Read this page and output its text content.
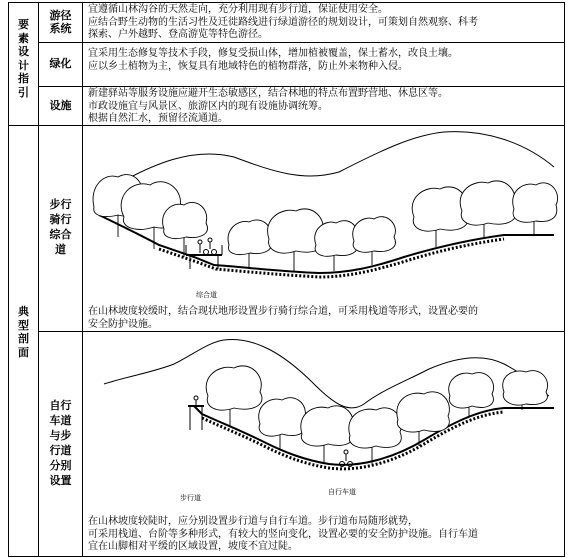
要
素
设
计
指
引
典
型
剖
面
游径
系统
绿化
设施
步行
骑行
综合
道
自行
车道
与步
行道
分别
设置

宜遵循山林沟谷的天然走向，充分利用现有步行道，保证使用安全。

应结合野生动物的生活习性及迁徙路线进行绿道游径的规划设计，可策划自然观察、科考

探索、户外越野、登高游览等特色游径。

宜采用生态修复等技术手段，修复受损山体，增加植被覆盖，保土蓄水，改良土壤。

应以乡土植物为主，恢复具有地域特色的植物群落，防止外来物种入侵。

新建驿站等服务设施应避开生态敏感区，结合林地的特点布置野营地、休息区等。

市政设施宜与风景区、旅游区内的现有设施协调统筹。

根据自然汇水，预留径流通道。

在山林坡度较缓时，结合现状地形设置步行骑行综合道，可采用栈道等形式，设置必要的

安全防护设施。

在山林坡度较陡时，应分别设置步行道与自行车道。步行道布局随形就势，

可采用栈道、台阶等多种形式，有较大的竖向变化，设置必要的安全防护设施。自行车道

宜在山脚相对平缓的区域设置，坡度不宜过陡。

综合道
步行道
自行车道
